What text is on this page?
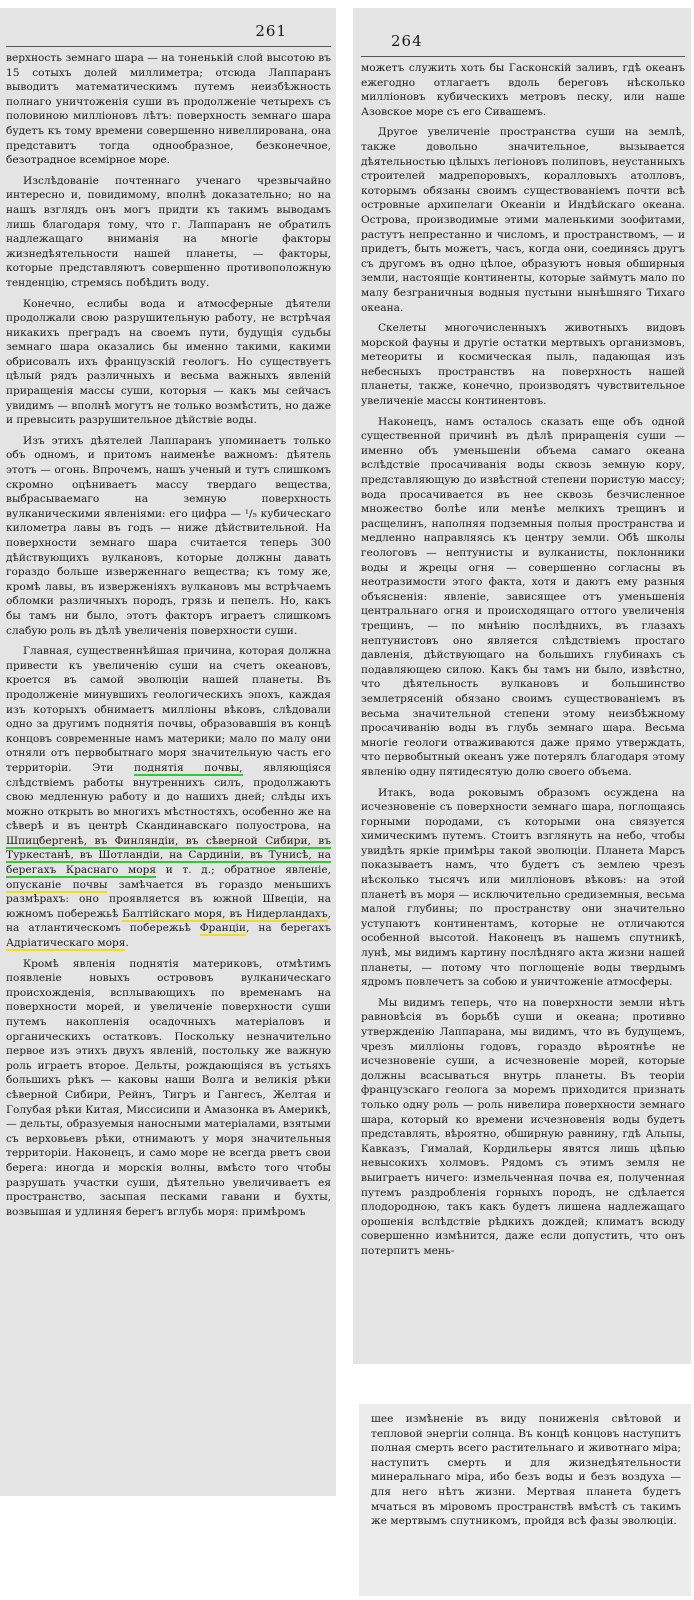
261

верхность земнаго шара — на тоненькій слой высотою въ 15 сотыхъ долей миллиметра; отсюда Лаппаранъ выводитъ математическимъ путемъ неизбѣжность полнаго уничтоженія суши въ продолженіе четырехъ съ половиною милліоновъ лѣтъ: поверхность земнаго шара будетъ къ тому времени совершенно нивеллирована, она представитъ тогда однообразное, безконечное, безотрадное всемірное море.

Изслѣдованіе почтеннаго ученаго чрезвычайно интересно и, повидимому, вполнѣ доказательно; но на нашъ взглядъ онъ могъ придти къ такимъ выводамъ лишь благодаря тому, что г. Лаппаранъ не обратилъ надлежащаго вниманія на многіе факторы жизнедѣятельности нашей планеты, — факторы, которые представляютъ совершенно противоположную тенденцію, стремясь побѣдить воду.

Конечно, еслибы вода и атмосферные дѣятели продолжали свою разрушительную работу, не встрѣчая никакихъ преградъ на своемъ пути, будущія судьбы земнаго шара оказались бы именно такими, какими обрисовалъ ихъ французскій геологъ. Но существуетъ цѣлый рядъ различныхъ и весьма важныхъ явленій приращенія массы суши, которыя — какъ мы сейчасъ увидимъ — вполнѣ могутъ не только возмѣстить, но даже и превысить разрушительное дѣйствіе воды.

Изъ этихъ дѣятелей Лаппаранъ упоминаетъ только объ одномъ, и притомъ наименѣе важномъ: дѣятель этотъ — огонь. Впрочемъ, нашъ ученый и тутъ слишкомъ скромно оцѣниваетъ массу твердаго вещества, выбрасываемаго на земную поверхность вулканическими явленіями: его цифра — ¹/₅ кубическаго километра лавы въ годъ — ниже дѣйствительной. На поверхности земнаго шара считается теперь 300 дѣйствующихъ вулкановъ, которые должны давать гораздо больше изверженнаго вещества; къ тому же, кромѣ лавы, въ изверженіяхъ вулкановъ мы встрѣчаемъ обломки различныхъ породъ, грязь и пепелъ. Но, какъ бы тамъ ни было, этотъ факторъ играетъ слишкомъ слабую роль въ дѣлѣ увеличенія поверхности суши.

Главная, существеннѣйшая причина, которая должна привести къ увеличенію суши на счетъ океановъ, кроется въ самой эволюціи нашей планеты. Въ продолженіе минувшихъ геологическихъ эпохъ, каждая изъ которыхъ обнимаетъ милліоны вѣковъ, слѣдовали одно за другимъ поднятія почвы, образовавшія въ концѣ концовъ современные намъ материки; мало по малу они отняли отъ первобытнаго моря значительную часть его территоріи. Эти поднятія почвы, являющіяся слѣдствіемъ работы внутреннихъ силъ, продолжаютъ свою медленную работу и до нашихъ дней; слѣды ихъ можно открыть во многихъ мѣстностяхъ, особенно же на сѣверѣ и въ центрѣ Скандинавскаго полуострова, на Шпицбергенѣ, въ Финляндіи, въ сѣверной Сибири, въ Туркестанѣ, въ Шотландіи, на Сардиніи, въ Тунисѣ, на берегахъ Краснаго моря и т. д.; обратное явленіе, опусканіе почвы замѣчается въ гораздо меньшихъ размѣрахъ: оно проявляется въ южной Швеціи, на южномъ побережьѣ Балтійскаго моря, въ Нидерландахъ, на атлантическомъ побережьѣ Франціи, на берегахъ Адріатическаго моря.

Кромѣ явленія поднятія материковъ, отмѣтимъ появленіе новыхъ острововъ вулканическаго происхожденія, всплывающихъ по временамъ на поверхности морей, и увеличеніе поверхности суши путемъ накопленія осадочныхъ матеріаловъ и органическихъ остатковъ. Поскольку незначительно первое изъ этихъ двухъ явленій, постольку же важную роль играетъ второе. Дельты, рождающіяся въ устьяхъ большихъ рѣкъ — каковы наши Волга и великія рѣки сѣверной Сибири, Рейнъ, Тигръ и Гангесъ, Желтая и Голубая рѣки Китая, Миссисипи и Амазонка въ Америкѣ, — дельты, образуемыя наносными матеріалами, взятыми съ верховьевъ рѣки, отнимаютъ у моря значительныя территоріи. Наконецъ, и само море не всегда рветъ свои берега: иногда и морскія волны, вмѣсто того чтобы разрушать участки суши, дѣятельно увеличиваетъ ея пространство, засыпая песками гавани и бухты, возвышая и удлиняя берегъ вглубь моря: примѣромъ

264

можетъ служить хоть бы Гасконскій заливъ, гдѣ океанъ ежегодно отлагаетъ вдоль береговъ нѣсколько милліоновъ кубическихъ метровъ песку, или наше Азовское море съ его Сивашемъ.

Другое увеличеніе пространства суши на землѣ, также довольно значительное, вызывается дѣятельностью цѣлыхъ легіоновъ полиповъ, неустанныхъ строителей мадрепоровыхъ, коралловыхъ атолловъ, которымъ обязаны своимъ существованіемъ почти всѣ островные архипелаги Океаніи и Индѣйскаго океана. Острова, производимые этими маленькими зоофитами, растутъ непрестанно и числомъ, и пространствомъ, — и придетъ, быть можетъ, часъ, когда они, соединясь другъ съ другомъ въ одно цѣлое, образуютъ новыя обширныя земли, настоящіе континенты, которые займутъ мало по малу безграничныя водныя пустыни нынѣшняго Тихаго океана.

Скелеты многочисленныхъ животныхъ видовъ морской фауны и другіе остатки мертвыхъ организмовъ, метеориты и космическая пыль, падающая изъ небесныхъ пространствъ на поверхность нашей планеты, также, конечно, производятъ чувствительное увеличеніе массы континентовъ.

Наконецъ, намъ осталось сказать еще объ одной существенной причинѣ въ дѣлѣ приращенія суши — именно объ уменьшеніи объема самаго океана вслѣдствіе просачиванія воды сквозь земную кору, представляющую до извѣстной степени пористую массу; вода просачивается въ нее сквозь безчисленное множество болѣе или менѣе мелкихъ трещинъ и расщелинъ, наполняя подземныя полыя пространства и медленно направляясь къ центру земли. Обѣ школы геологовъ — нептунисты и вулканисты, поклонники воды и жрецы огня — совершенно согласны въ неотразимости этого факта, хотя и даютъ ему разныя объясненія: явленіе, зависящее отъ уменьшенія центральнаго огня и происходящаго оттого увеличенія трещинъ, — по мнѣнію послѣднихъ, въ глазахъ нептунистовъ оно является слѣдствіемъ простаго давленія, дѣйствующаго на большихъ глубинахъ съ подавляющею силою. Какъ бы тамъ ни было, извѣстно, что дѣятельность вулкановъ и большинство землетрясеній обязано своимъ существованіемъ въ весьма значительной степени этому неизбѣжному просачиванію воды въ глубь земнаго шара. Весьма многіе геологи отваживаются даже прямо утверждать, что первобытный океанъ уже потерялъ благодаря этому явленію одну пятидесятую долю своего объема.

Итакъ, вода роковымъ образомъ осуждена на исчезновеніе съ поверхности земнаго шара, поглощаясь горными породами, съ которыми она связуется химическимъ путемъ. Стоитъ взглянуть на небо, чтобы увидѣть яркіе примѣры такой эволюціи. Планета Марсъ показываетъ намъ, что будетъ съ землею чрезъ нѣсколько тысячъ или милліоновъ вѣковъ: на этой планетѣ въ моря — исключительно средиземныя, весьма малой глубины; по пространству они значительно уступаютъ континентамъ, которые не отличаются особенной высотой. Наконецъ въ нашемъ спутникѣ, лунѣ, мы видимъ картину послѣдняго акта жизни нашей планеты, — потому что поглощеніе воды твердымъ ядромъ повлечетъ за собою и уничтоженіе атмосферы.

Мы видимъ теперь, что на поверхности земли нѣтъ равновѣсія въ борьбѣ суши и океана; противно утвержденію Лаппарана, мы видимъ, что въ будущемъ, чрезъ милліоны годовъ, гораздо вѣроятнѣе не исчезновеніе суши, а исчезновеніе морей, которые должны всасываться внутрь планеты. Въ теоріи французскаго геолога за моремъ приходится признать только одну роль — роль нивелира поверхности земнаго шара, который ко времени исчезновенія воды будетъ представлять, вѣроятно, обширную равнину, гдѣ Альпы, Кавказъ, Гималай, Кордильеры явятся лишь цѣпью невысокихъ холмовъ. Рядомъ съ этимъ земля не выиграетъ ничего: измельченная почва ея, полученная путемъ раздробленія горныхъ породъ, не сдѣлается плодородною, такъ какъ будетъ лишена надлежащаго орошенія вслѣдствіе рѣдкихъ дождей; климатъ всюду совершенно измѣнится, даже если допустить, что онъ потерпитъ мень-

шее измѣненіе въ виду пониженія свѣтовой и тепловой энергіи солнца. Въ концѣ концовъ наступитъ полная смерть всего растительнаго и животнаго міра; наступитъ смерть и для жизнедѣятельности минеральнаго міра, ибо безъ воды и безъ воздуха — для него нѣтъ жизни. Мертвая планета будетъ мчаться въ міровомъ пространствѣ вмѣстѣ съ такимъ же мертвымъ спутникомъ, пройдя всѣ фазы эволюціи.
